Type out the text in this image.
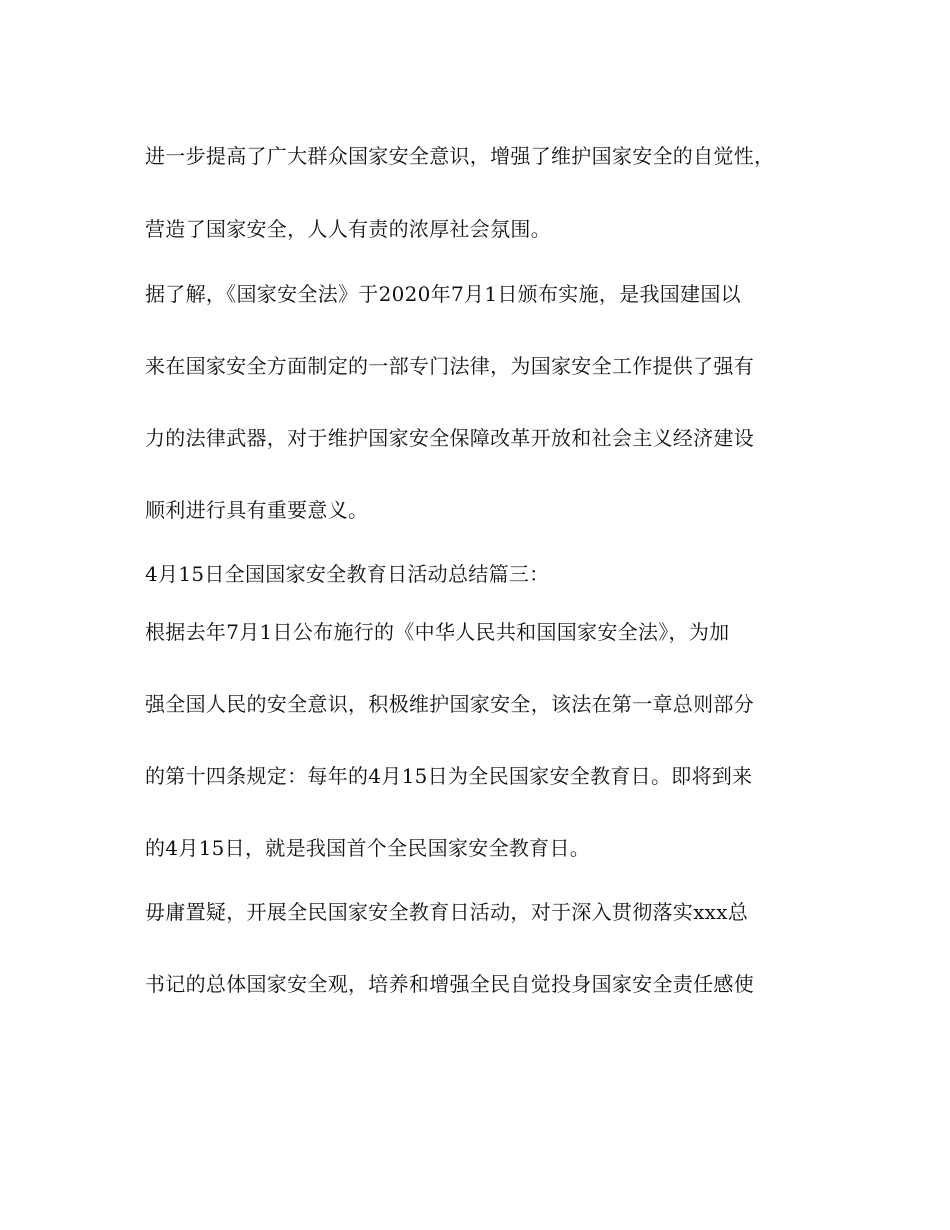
进一步提高了广大群众国家安全意识，增强了维护国家安全的自觉性，
营造了国家安全，人人有责的浓厚社会氛围。
据了解，《国家安全法》于2020年7月1日颁布实施，是我国建国以
来在国家安全方面制定的一部专门法律，为国家安全工作提供了强有
力的法律武器，对于维护国家安全保障改革开放和社会主义经济建设
顺利进行具有重要意义。
4月15日全国国家安全教育日活动总结篇三：
根据去年7月1日公布施行的《中华人民共和国国家安全法》，为加
强全国人民的安全意识，积极维护国家安全，该法在第一章总则部分
的第十四条规定：每年的4月15日为全民国家安全教育日。即将到来
的4月15日，就是我国首个全民国家安全教育日。
毋庸置疑，开展全民国家安全教育日活动，对于深入贯彻落实xxx总
书记的总体国家安全观，培养和增强全民自觉投身国家安全责任感使
